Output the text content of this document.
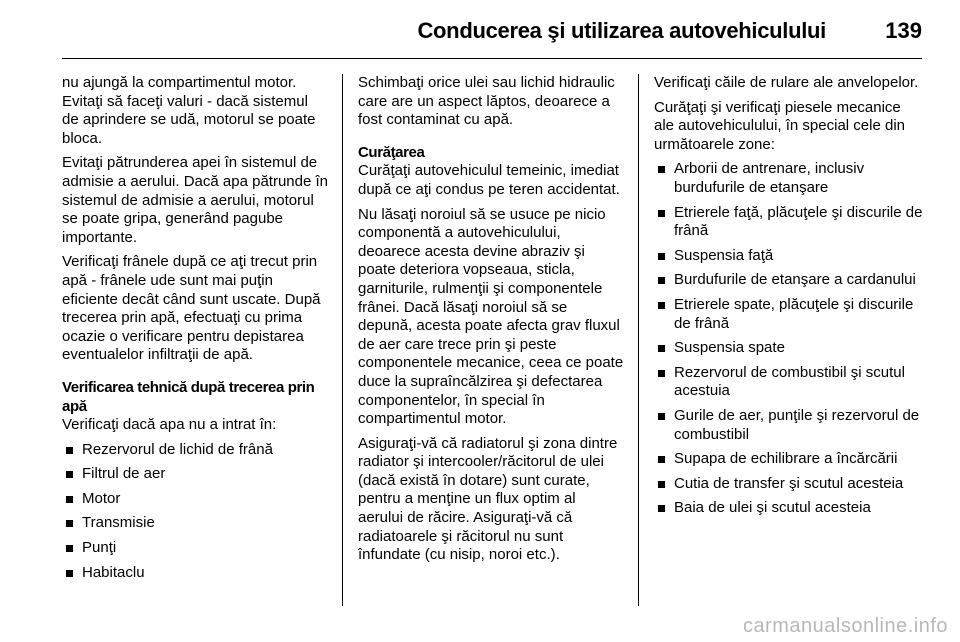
Conducerea şi utilizarea autovehiculului	139

nu ajungă la compartimentul motor. Evitaţi să faceţi valuri - dacă sistemul de aprindere se udă, motorul se poate bloca.

Evitaţi pătrunderea apei în sistemul de admisie a aerului. Dacă apa pătrunde în sistemul de admisie a aerului, motorul se poate gripa, generând pagube importante.

Verificaţi frânele după ce aţi trecut prin apă - frânele ude sunt mai puţin eficiente decât când sunt uscate. După trecerea prin apă, efectuaţi cu prima ocazie o verificare pentru depistarea eventualelor infiltraţii de apă.

Verificarea tehnică după trecerea prin apă

Verificaţi dacă apa nu a intrat în:

Rezervorul de lichid de frână
Filtrul de aer
Motor
Transmisie
Punţi
Habitaclu

Schimbaţi orice ulei sau lichid hidraulic care are un aspect lăptos, deoarece a fost contaminat cu apă.

Curăţarea

Curăţaţi autovehiculul temeinic, imediat după ce aţi condus pe teren accidentat.

Nu lăsaţi noroiul să se usuce pe nicio componentă a autovehiculului, deoarece acesta devine abraziv şi poate deteriora vopseaua, sticla, garniturile, rulmenţii şi componentele frânei. Dacă lăsaţi noroiul să se depună, acesta poate afecta grav fluxul de aer care trece prin şi peste componentele mecanice, ceea ce poate duce la supraîncălzirea şi defectarea componentelor, în special în compartimentul motor.

Asiguraţi-vă că radiatorul şi zona dintre radiator şi intercooler/răcitorul de ulei (dacă există în dotare) sunt curate, pentru a menţine un flux optim al aerului de răcire. Asiguraţi-vă că radiatoarele şi răcitorul nu sunt înfundate (cu nisip, noroi etc.).

Verificaţi căile de rulare ale anvelopelor.

Curăţaţi şi verificaţi piesele mecanice ale autovehiculului, în special cele din următoarele zone:

Arborii de antrenare, inclusiv burdufurile de etanşare
Etrierele faţă, plăcuţele şi discurile de frână
Suspensia faţă
Burdufurile de etanşare a cardanului
Etrierele spate, plăcuţele şi discurile de frână
Suspensia spate
Rezervorul de combustibil şi scutul acestuia
Gurile de aer, punţile şi rezervorul de combustibil
Supapa de echilibrare a încărcării
Cutia de transfer şi scutul acesteia
Baia de ulei şi scutul acesteia
carmanualsonline.info
